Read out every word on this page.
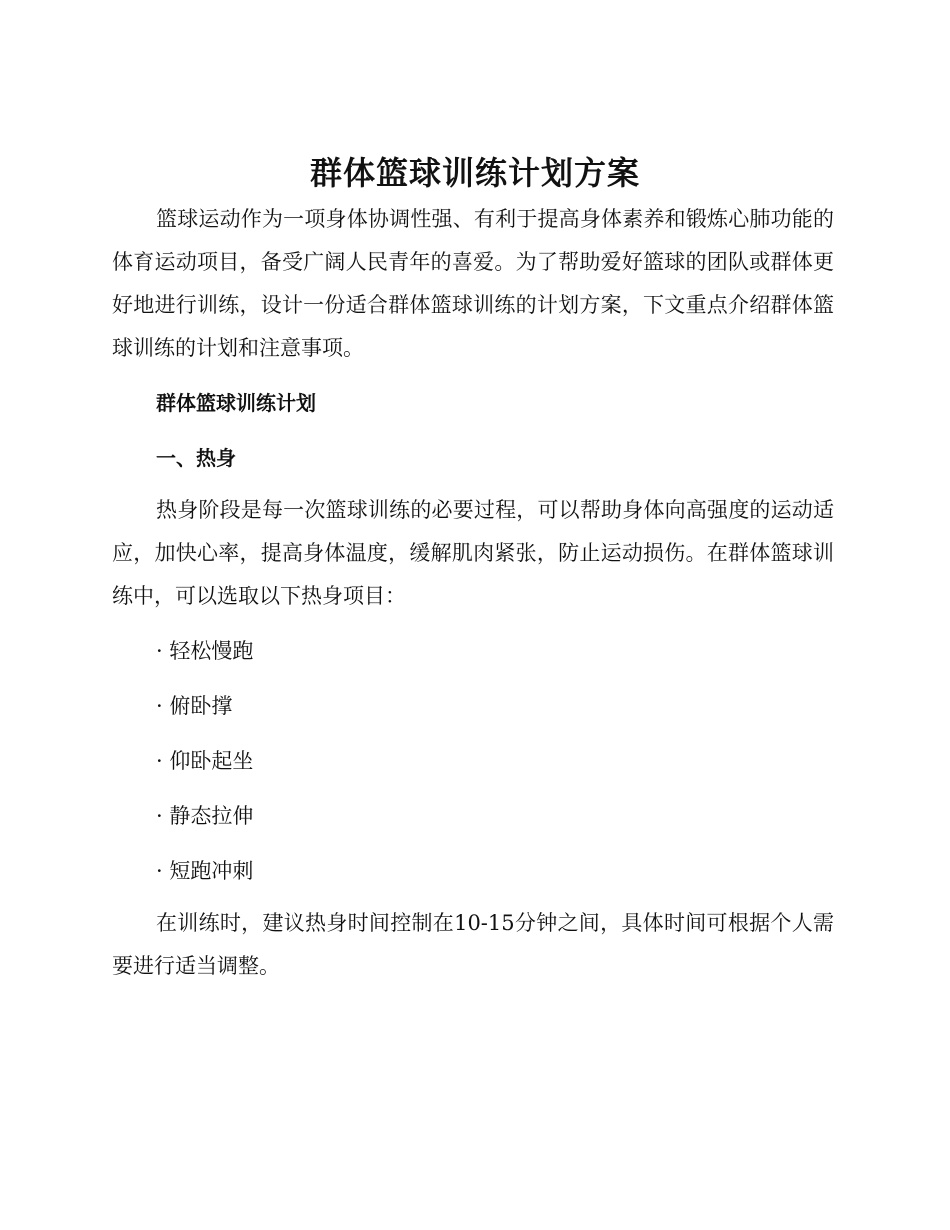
群体篮球训练计划方案

篮球运动作为一项身体协调性强、有利于提高身体素养和锻炼心肺功能的体育运动项目，备受广阔人民青年的喜爱。为了帮助爱好篮球的团队或群体更好地进行训练，设计一份适合群体篮球训练的计划方案，下文重点介绍群体篮球训练的计划和注意事项。

群体篮球训练计划

一、热身

热身阶段是每一次篮球训练的必要过程，可以帮助身体向高强度的运动适应，加快心率，提高身体温度，缓解肌肉紧张，防止运动损伤。在群体篮球训练中，可以选取以下热身项目：

· 轻松慢跑

· 俯卧撑

· 仰卧起坐

· 静态拉伸

· 短跑冲刺

在训练时，建议热身时间控制在10-15分钟之间，具体时间可根据个人需要进行适当调整。
